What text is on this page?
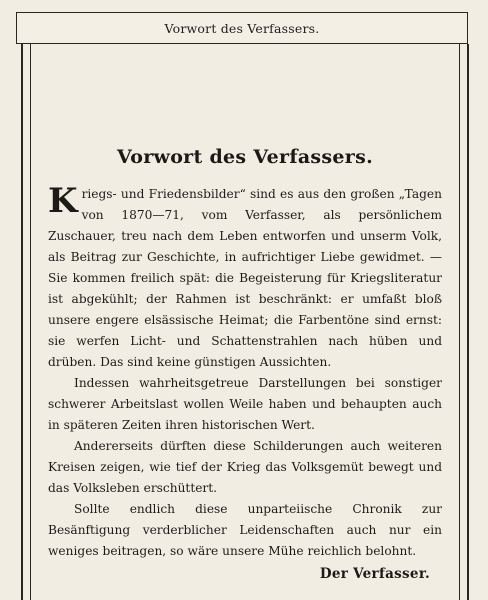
Vorwort des Verfassers.
Vorwort des Verfassers.

Kriegs- und Friedensbilder“ sind es aus den großen „Tagen von 1870—71, vom Verfasser, als persönlichem Zuschauer, treu nach dem Leben entworfen und unserm Volk, als Beitrag zur Geschichte, in aufrichtiger Liebe gewidmet. — Sie kommen freilich spät: die Begeisterung für Kriegsliteratur ist abgekühlt; der Rahmen ist beschränkt: er umfaßt bloß unsere engere elsässische Heimat; die Farbentöne sind ernst: sie werfen Licht- und Schattenstrahlen nach hüben und drüben. Das sind keine günstigen Aussichten.

Indessen wahrheitsgetreue Darstellungen bei sonstiger schwerer Arbeitslast wollen Weile haben und behaupten auch in späteren Zeiten ihren historischen Wert.

Andererseits dürften diese Schilderungen auch weiteren Kreisen zeigen, wie tief der Krieg das Volksgemüt bewegt und das Volksleben erschüttert.

Sollte endlich diese unparteiische Chronik zur Besänftigung verderblicher Leidenschaften auch nur ein weniges beitragen, so wäre unsere Mühe reichlich belohnt.

Der Verfasser.
